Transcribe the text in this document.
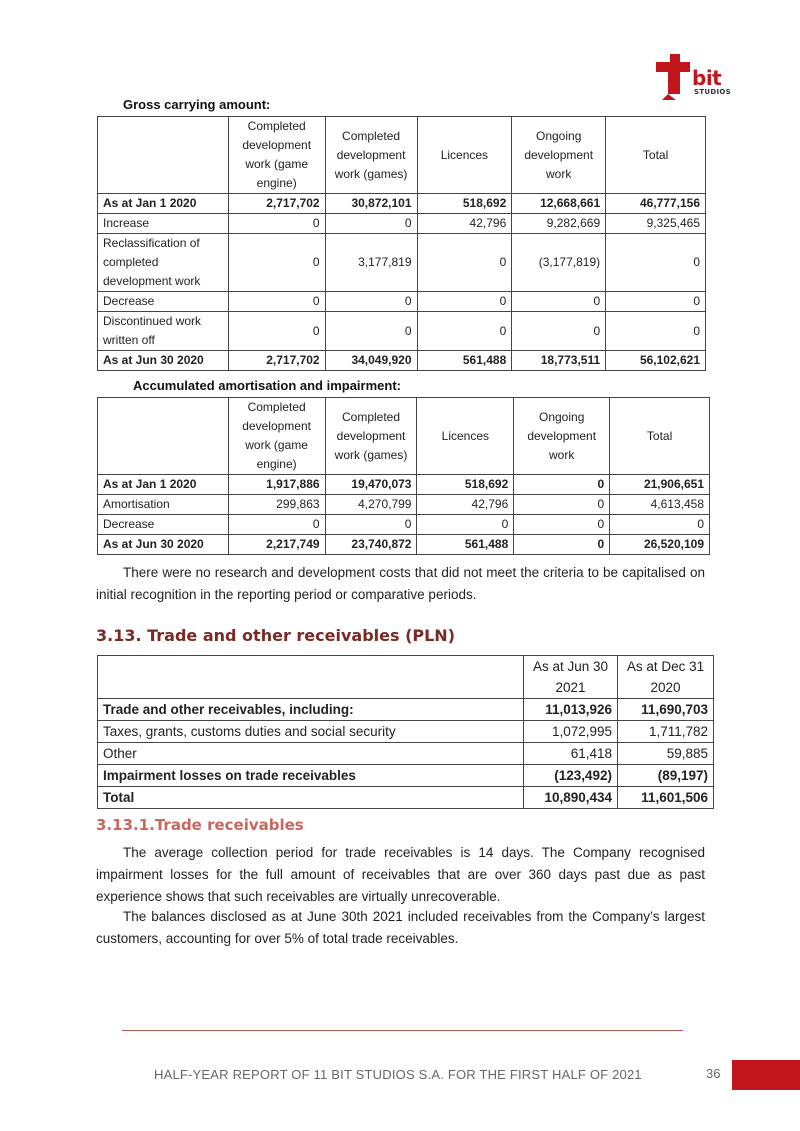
bit
STUDIOS
Gross carrying amount:
	Completed development work (game engine)	Completed development work (games)	Licences	Ongoing development work	Total
As at Jan 1 2020	2,717,702	30,872,101	518,692	12,668,661	46,777,156
Increase	0	0	42,796	9,282,669	9,325,465
Reclassification of completed development work	0	3,177,819	0	(3,177,819)	0
Decrease	0	0	0	0	0
Discontinued work written off	0	0	0	0	0
As at Jun 30 2020	2,717,702	34,049,920	561,488	18,773,511	56,102,621
Accumulated amortisation and impairment:
	Completed development work (game engine)	Completed development work (games)	Licences	Ongoing development work	Total
As at Jan 1 2020	1,917,886	19,470,073	518,692	0	21,906,651
Amortisation	299,863	4,270,799	42,796	0	4,613,458
Decrease	0	0	0	0	0
As at Jun 30 2020	2,217,749	23,740,872	561,488	0	26,520,109
There were no research and development costs that did not meet the criteria to be capitalised on initial recognition in the reporting period or comparative periods.
3.13. Trade and other receivables (PLN)
	As at Jun 30 2021	As at Dec 31 2020
Trade and other receivables, including:	11,013,926	11,690,703
Taxes, grants, customs duties and social security	1,072,995	1,711,782
Other	61,418	59,885
Impairment losses on trade receivables	(123,492)	(89,197)
Total	10,890,434	11,601,506
3.13.1.Trade receivables
The average collection period for trade receivables is 14 days. The Company recognised impairment losses for the full amount of receivables that are over 360 days past due as past experience shows that such receivables are virtually unrecoverable.
The balances disclosed as at June 30th 2021 included receivables from the Company’s largest customers, accounting for over 5% of total trade receivables.
HALF-YEAR REPORT OF 11 BIT STUDIOS S.A. FOR THE FIRST HALF OF 2021	36
